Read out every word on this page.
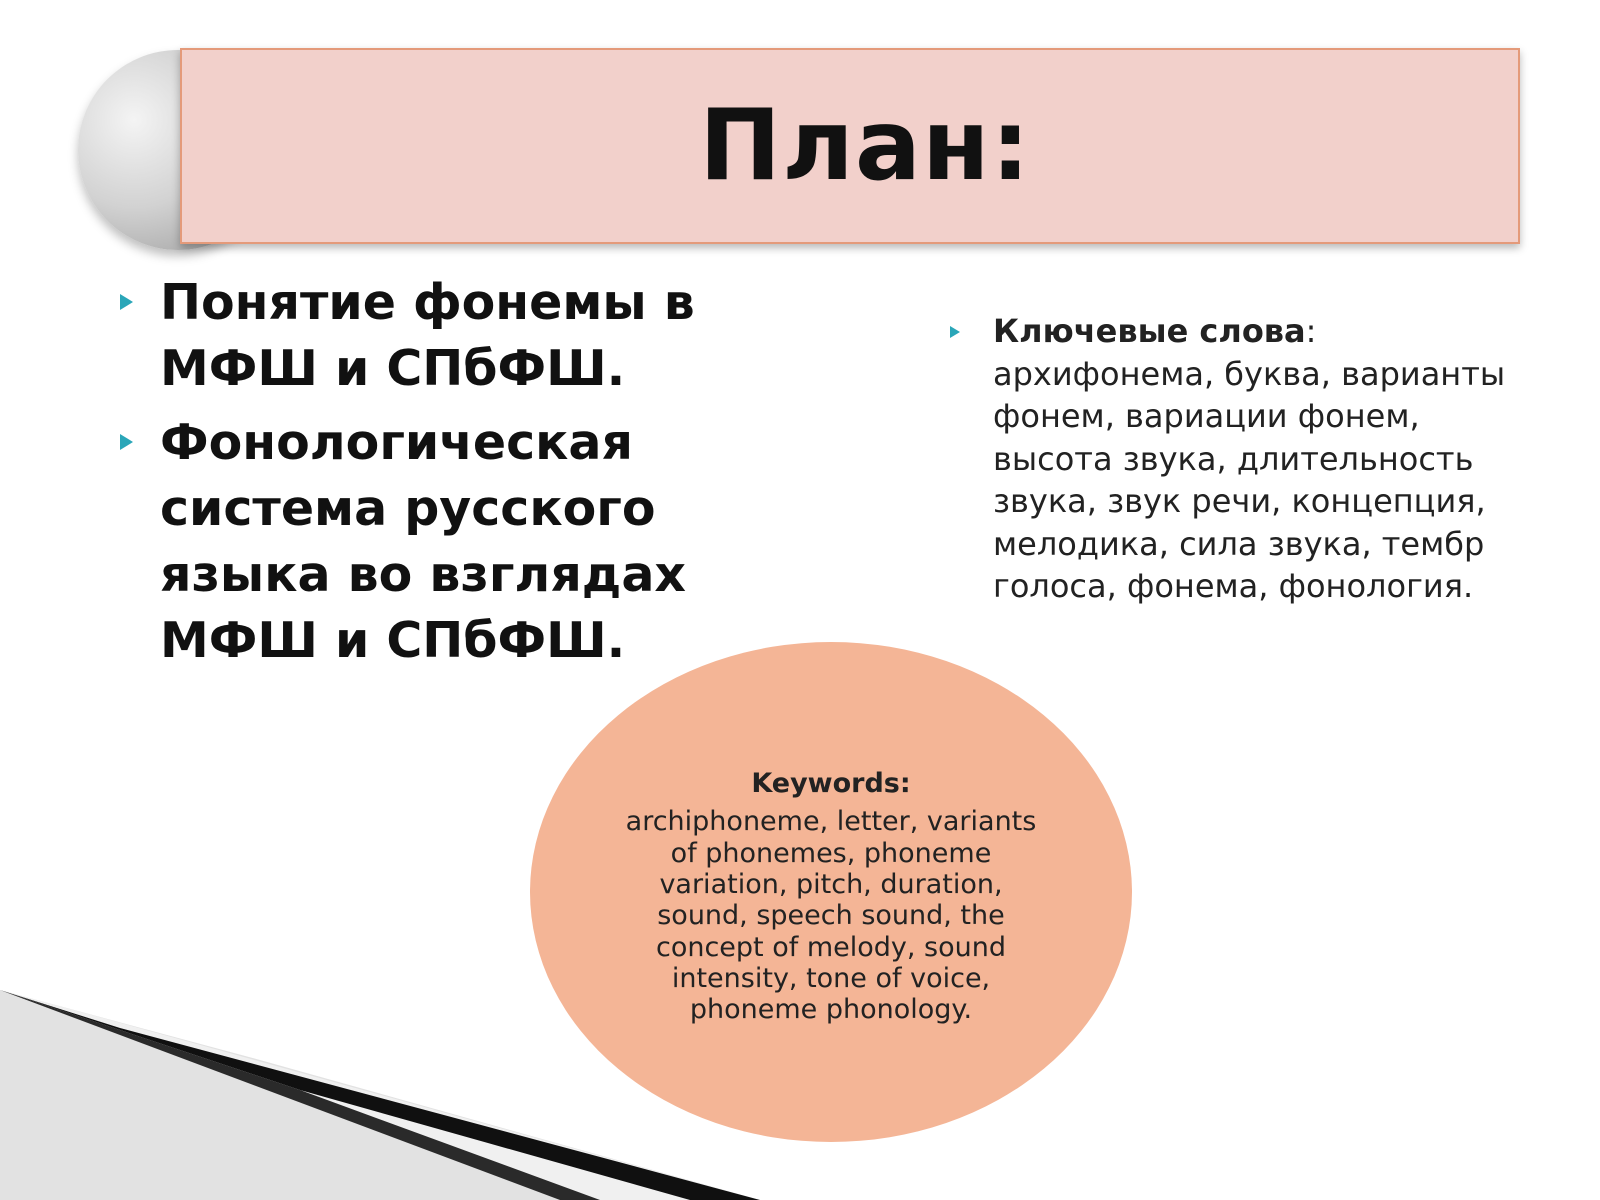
План:
Понятие фонемы в МФШ и СПбФШ.
Фонологическая система русского языка во взглядах МФШ и СПбФШ.
Ключевые слова: архифонема, буква, варианты фонем, вариации фонем, высота звука, длительность звука, звук речи, концепция, мелодика, сила звука, тембр голоса, фонема, фонология.
Keywords:
archiphoneme, letter, variants of phonemes, phoneme variation, pitch, duration, sound, speech sound, the concept of melody, sound intensity, tone of voice, phoneme phonology.
